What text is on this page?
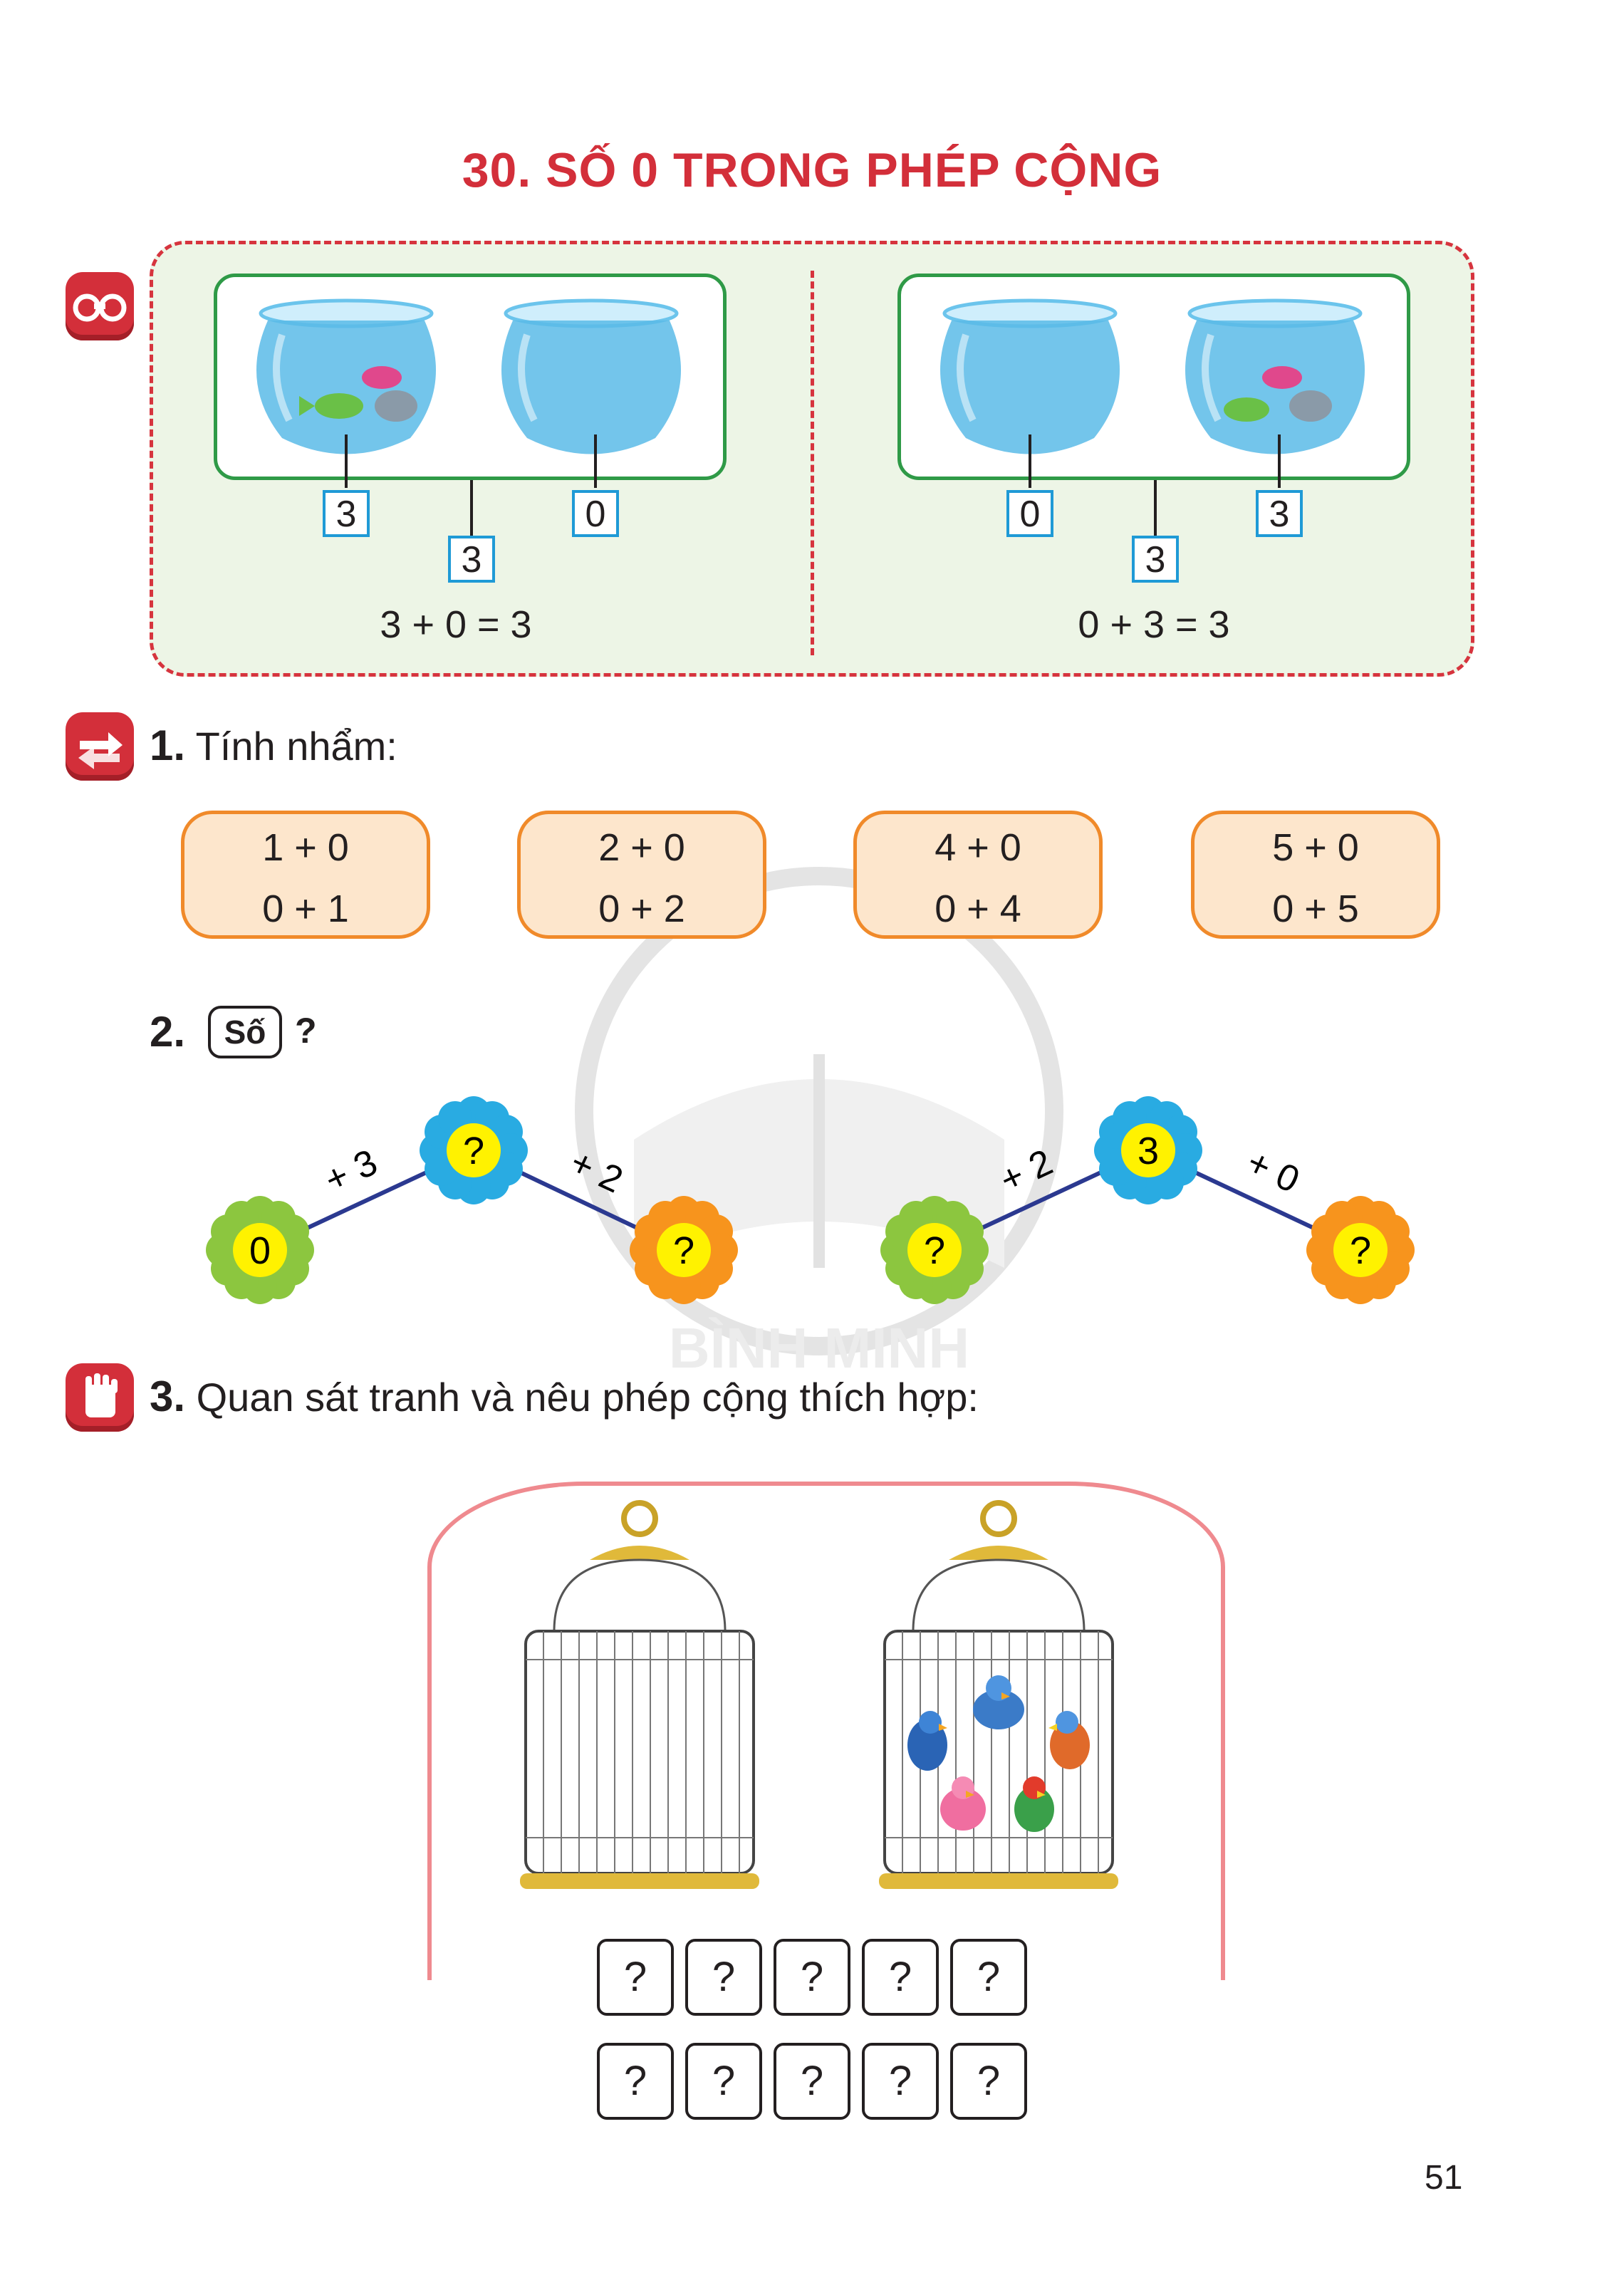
BÌNH MINH
30. SỐ 0 TRONG PHÉP CỘNG
3	0
3
3 + 0 = 3
0	3
3
0 + 3 = 3
1. Tính nhẩm:
1 + 0
0 + 1
2 + 0
0 + 2
4 + 0
0 + 4
5 + 0
0 + 5
2.	Số ?
0
?
?	?
3
?
+ 3	+ 2	+ 2	+ 0
3. Quan sát tranh và nêu phép cộng thích hợp:
?	?	?	?	?
?	?	?	?	?
51
